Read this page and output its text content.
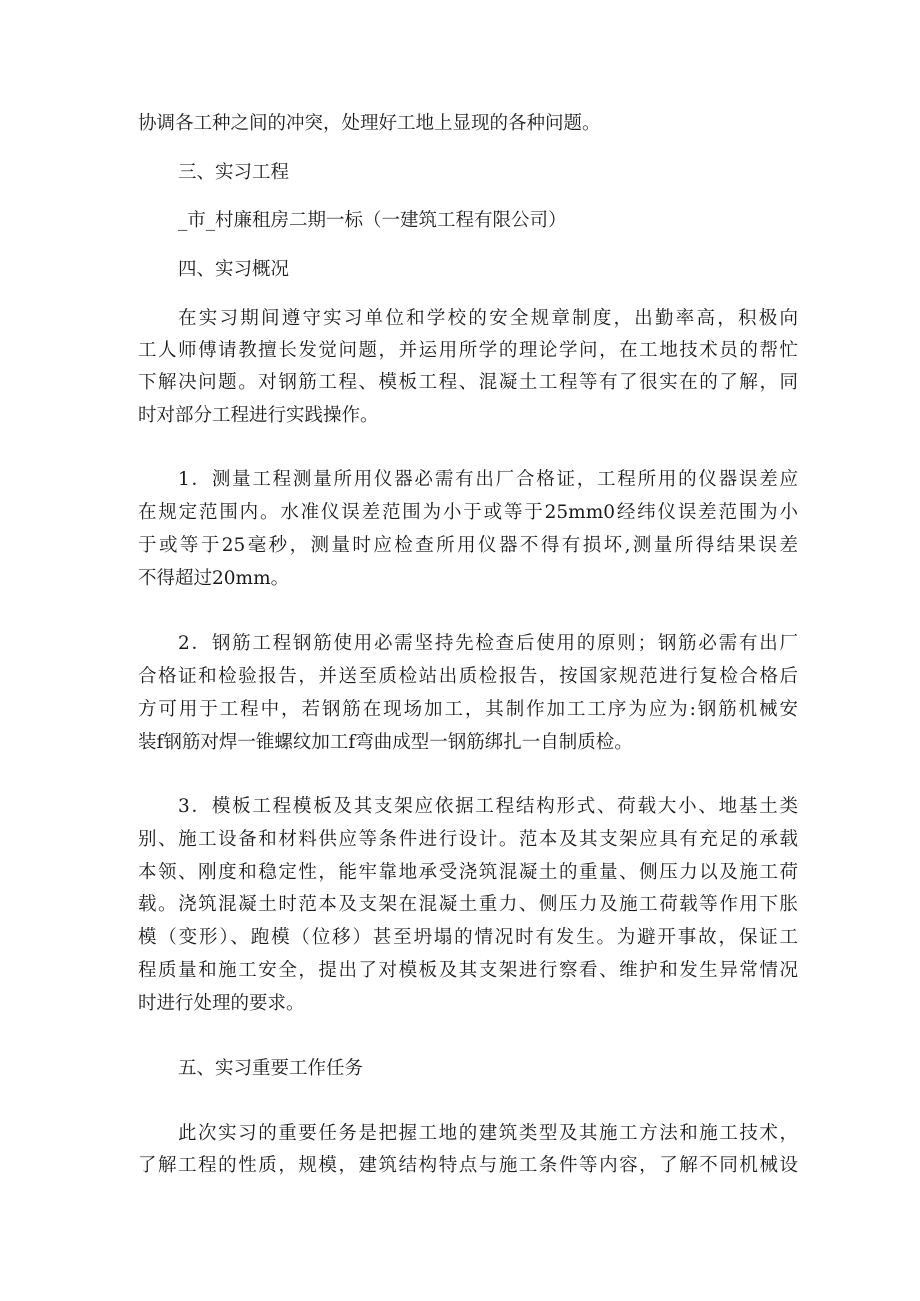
协调各工种之间的冲突，处理好工地上显现的各种问题。

三、实习工程

_市_村廉租房二期一标（一建筑工程有限公司）

四、实习概况

在实习期间遵守实习单位和学校的安全规章制度，出勤率高，积极向

工人师傅请教擅长发觉问题，并运用所学的理论学问，在工地技术员的帮忙

下解决问题。对钢筋工程、模板工程、混凝土工程等有了很实在的了解，同

时对部分工程进行实践操作。

1．测量工程测量所用仪器必需有出厂合格证，工程所用的仪器误差应

在规定范围内。水准仪误差范围为小于或等于25mm0经纬仪误差范围为小

于或等于25毫秒，测量时应检查所用仪器不得有损坏,测量所得结果误差

不得超过20mm。

2．钢筋工程钢筋使用必需坚持先检查后使用的原则；钢筋必需有出厂

合格证和检验报告，并送至质检站出质检报告，按国家规范进行复检合格后

方可用于工程中，若钢筋在现场加工，其制作加工工序为应为:钢筋机械安

装f钢筋对焊一锥螺纹加工f弯曲成型一钢筋绑扎一自制质检。

3．模板工程模板及其支架应依据工程结构形式、荷载大小、地基土类

别、施工设备和材料供应等条件进行设计。范本及其支架应具有充足的承载

本领、刚度和稳定性，能牢靠地承受浇筑混凝土的重量、侧压力以及施工荷

载。浇筑混凝土时范本及支架在混凝土重力、侧压力及施工荷载等作用下胀

模（变形）、跑模（位移）甚至坍塌的情况时有发生。为避开事故，保证工

程质量和施工安全，提出了对模板及其支架进行察看、维护和发生异常情况

时进行处理的要求。

五、实习重要工作任务

此次实习的重要任务是把握工地的建筑类型及其施工方法和施工技术，

了解工程的性质，规模，建筑结构特点与施工条件等内容，了解不同机械设
